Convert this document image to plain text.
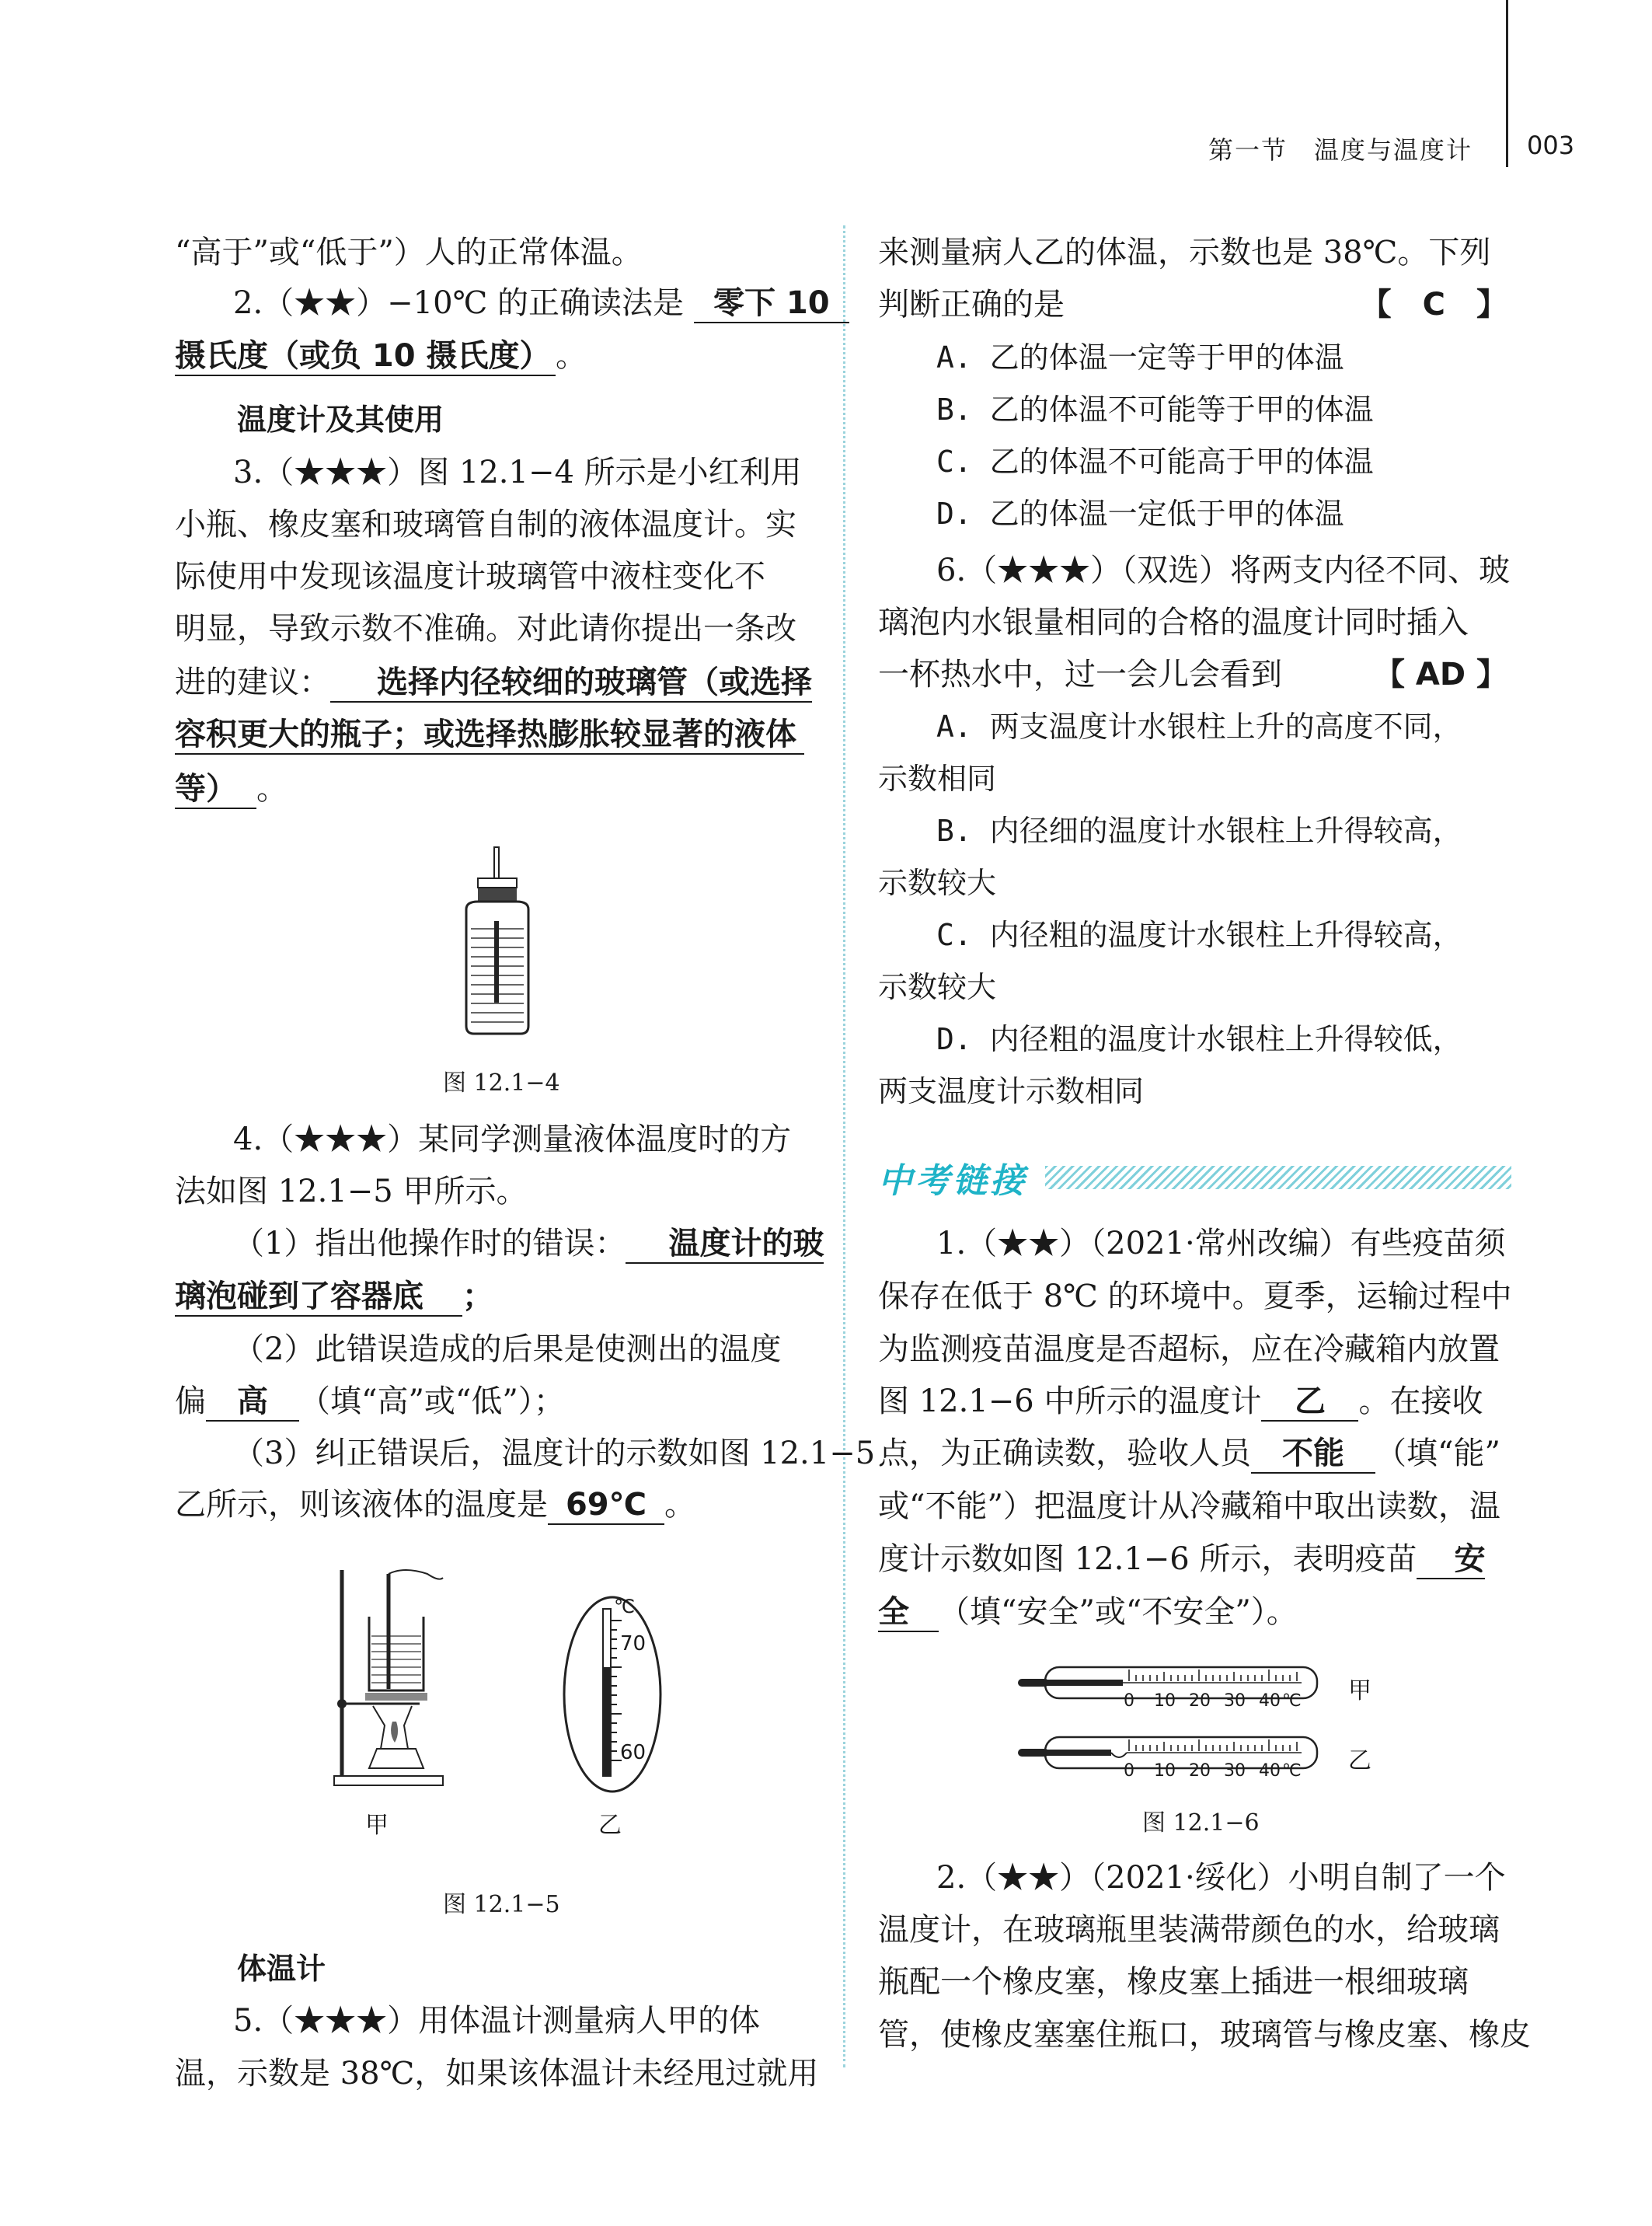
第一节　温度与温度计 003
“高于”或“低于”）人的正常体温。
2.（★★）−10℃ 的正确读法是 零下 10
摄氏度（或负 10 摄氏度） 。
温度计及其使用
3.（★★★）图 12.1−4 所示是小红利用
小瓶、橡皮塞和玻璃管自制的液体温度计。实
际使用中发现该温度计玻璃管中液柱变化不
明显，导致示数不准确。对此请你提出一条改
进的建议： 选择内径较细的玻璃管（或选择
容积更大的瓶子；或选择热膨胀较显著的液体
等） 。
图 12.1−4
4.（★★★）某同学测量液体温度时的方
法如图 12.1−5 甲所示。
（1）指出他操作时的错误： 温度计的玻
璃泡碰到了容器底 ；
（2）此错误造成的后果是使测出的温度
偏 高 （填“高”或“低”）；
（3）纠正错误后，温度计的示数如图 12.1−5
乙所示，则该液体的温度是 69℃ 。
甲
℃
70
60
乙
图 12.1−5
体温计
5.（★★★）用体温计测量病人甲的体
温，示数是 38℃，如果该体温计未经甩过就用
来测量病人乙的体温，示数也是 38℃。下列
判断正确的是	【　C　】
A. 乙的体温一定等于甲的体温
B. 乙的体温不可能等于甲的体温
C. 乙的体温不可能高于甲的体温
D. 乙的体温一定低于甲的体温
6.（★★★）（双选）将两支内径不同、玻
璃泡内水银量相同的合格的温度计同时插入
一杯热水中，过一会儿会看到	【 AD 】
A. 两支温度计水银柱上升的高度不同，
示数相同
B. 内径细的温度计水银柱上升得较高，
示数较大
C. 内径粗的温度计水银柱上升得较高，
示数较大
D. 内径粗的温度计水银柱上升得较低，
两支温度计示数相同
中考链接
1.（★★）（2021·常州改编）有些疫苗须
保存在低于 8℃ 的环境中。夏季，运输过程中
为监测疫苗温度是否超标，应在冷藏箱内放置
图 12.1−6 中所示的温度计 乙 。在接收
点，为正确读数，验收人员 不能 （填“能”
或“不能”）把温度计从冷藏箱中取出读数，温
度计示数如图 12.1−6 所示，表明疫苗 安
全 （填“安全”或“不安全”）。
0 10 20 30 40 ℃ 甲
0 10 20 30 40 ℃ 乙
图 12.1−6
2.（★★）（2021·绥化）小明自制了一个
温度计，在玻璃瓶里装满带颜色的水，给玻璃
瓶配一个橡皮塞，橡皮塞上插进一根细玻璃
管，使橡皮塞塞住瓶口，玻璃管与橡皮塞、橡皮
